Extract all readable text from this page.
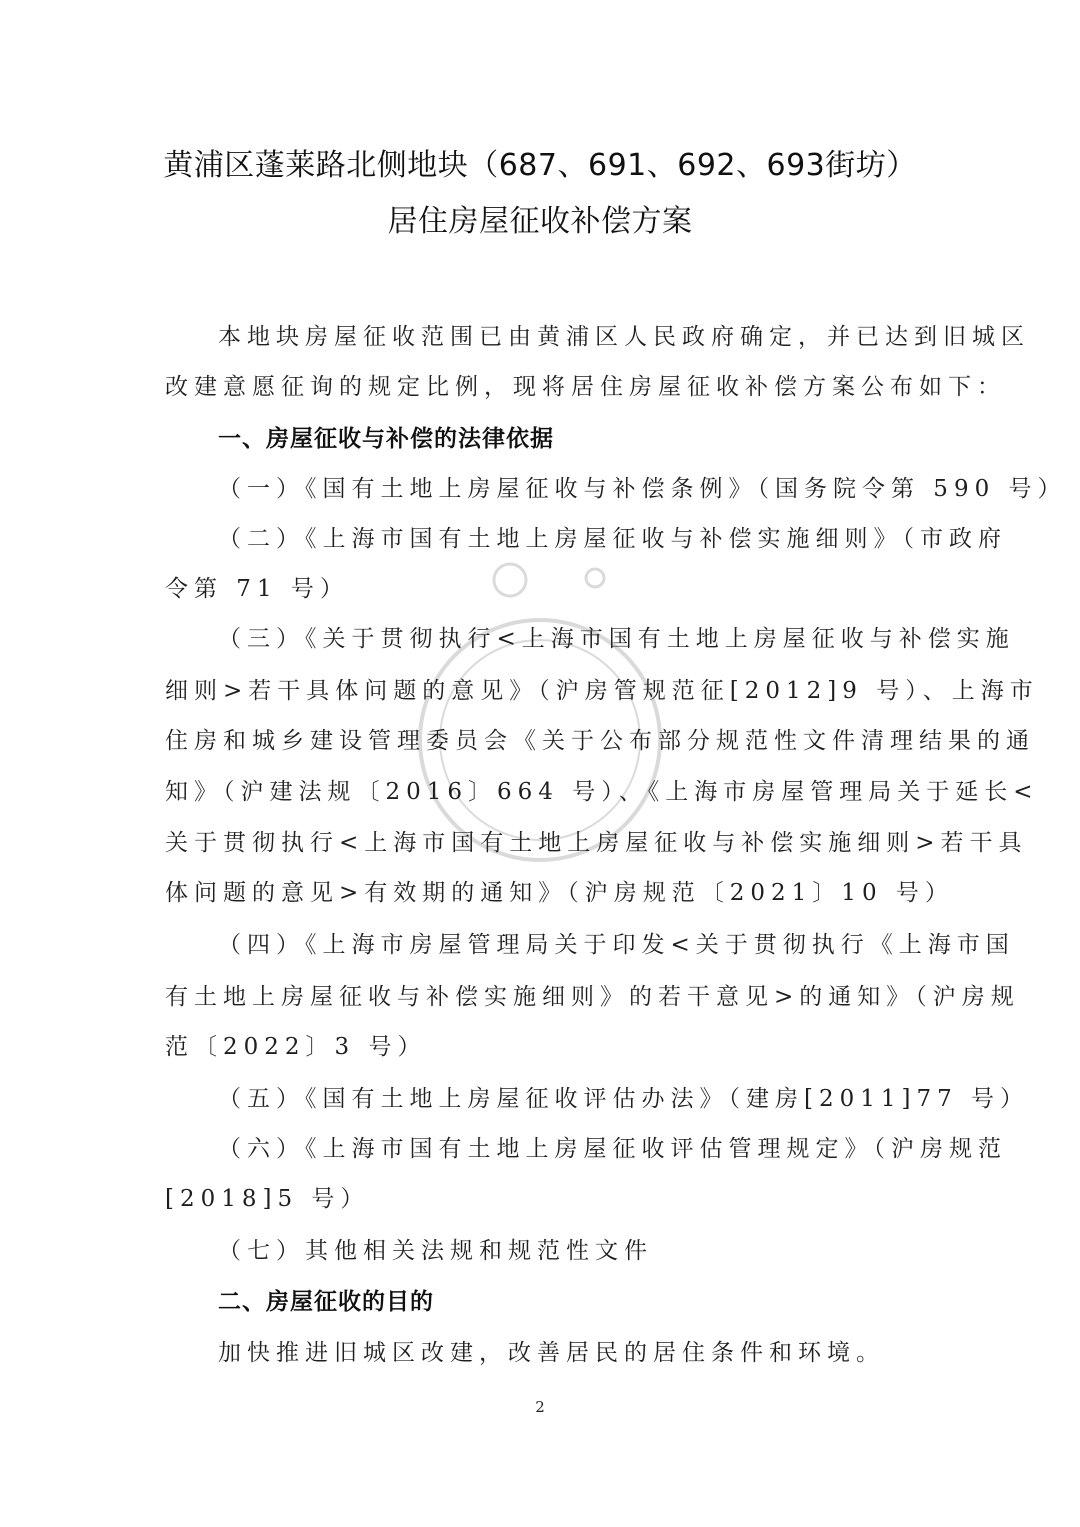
黄浦区蓬莱路北侧地块（687、691、692、693街坊）
居住房屋征收补偿方案
本地块房屋征收范围已由黄浦区人民政府确定，并已达到旧城区
改建意愿征询的规定比例，现将居住房屋征收补偿方案公布如下：
一、房屋征收与补偿的法律依据
（一）《国有土地上房屋征收与补偿条例》（国务院令第 590 号）
（二）《上海市国有土地上房屋征收与补偿实施细则》（市政府
令第 71 号）
（三）《关于贯彻执行<上海市国有土地上房屋征收与补偿实施
细则>若干具体问题的意见》（沪房管规范征[2012]9 号）、上海市
住房和城乡建设管理委员会《关于公布部分规范性文件清理结果的通
知》（沪建法规〔2016〕664 号）、《上海市房屋管理局关于延长<
关于贯彻执行<上海市国有土地上房屋征收与补偿实施细则>若干具
体问题的意见>有效期的通知》（沪房规范〔2021〕10 号）
（四）《上海市房屋管理局关于印发<关于贯彻执行《上海市国
有土地上房屋征收与补偿实施细则》的若干意见>的通知》（沪房规
范〔2022〕3 号）
（五）《国有土地上房屋征收评估办法》（建房[2011]77 号）
（六）《上海市国有土地上房屋征收评估管理规定》（沪房规范
[2018]5 号）
（七）其他相关法规和规范性文件
二、房屋征收的目的
加快推进旧城区改建，改善居民的居住条件和环境。
2
